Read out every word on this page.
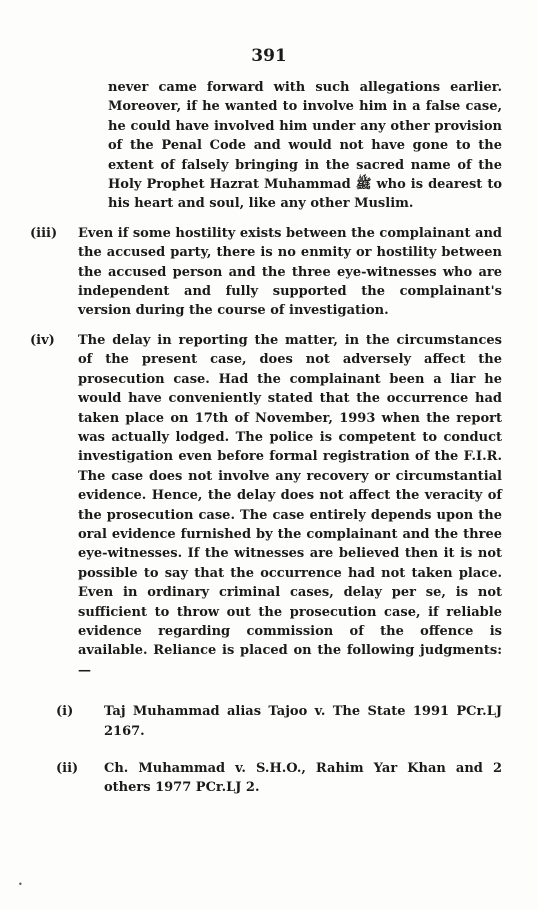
391
never came forward with such allegations earlier. Moreover, if he wanted to involve him in a false case, he could have involved him under any other provision of the Penal Code and would not have gone to the extent of falsely bringing in the sacred name of the Holy Prophet Hazrat Muhammad ﷺ who is dearest to his heart and soul, like any other Muslim.
(iii)	Even if some hostility exists between the complainant and the accused party, there is no enmity or hostility between the accused person and the three eye-witnesses who are independent and fully supported the complainant's version during the course of investigation.
(iv)	The delay in reporting the matter, in the circumstances of the present case, does not adversely affect the prosecution case. Had the complainant been a liar he would have conveniently stated that the occurrence had taken place on 17th of November, 1993 when the report was actually lodged. The police is competent to conduct investigation even before formal registration of the F.I.R. The case does not involve any recovery or circumstantial evidence. Hence, the delay does not affect the veracity of the prosecution case. The case entirely depends upon the oral evidence furnished by the complainant and the three eye-witnesses. If the witnesses are believed then it is not possible to say that the occurrence had not taken place. Even in ordinary criminal cases, delay per se, is not sufficient to throw out the prosecution case, if reliable evidence regarding commission of the offence is available. Reliance is placed on the following judgments:—
(i)	Taj Muhammad alias Tajoo v. The State 1991 PCr.LJ 2167.
(ii)	Ch. Muhammad v. S.H.O., Rahim Yar Khan and 2 others 1977 PCr.LJ 2.
•
